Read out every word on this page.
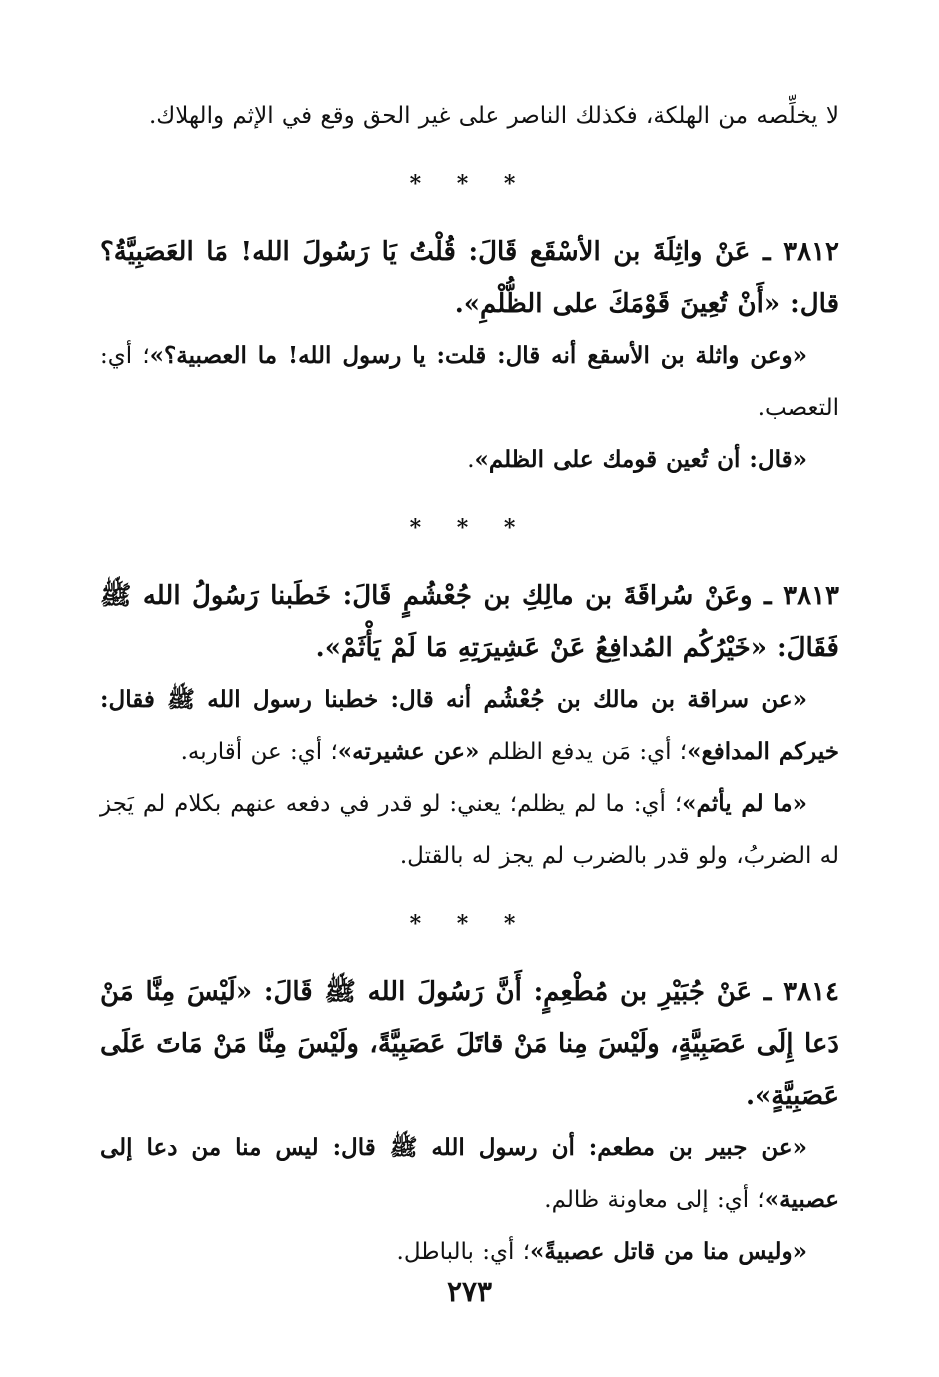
لا يخلِّصه من الهلكة، فكذلك الناصر على غير الحق وقع في الإثم والهلاك.

* * *

٣٨١٢ ـ عَنْ واثِلَةَ بن الأسْقَع قَالَ: قُلْتُ يَا رَسُولَ الله! مَا العَصَبِيَّةُ؟ قال: «أَنْ تُعِينَ قَوْمَكَ على الظُّلْمِ».

«وعن واثلة بن الأسقع أنه قال: قلت: يا رسول الله! ما العصبية؟»؛ أي: التعصب.

«قال: أن تُعين قومك على الظلم».

* * *

٣٨١٣ ـ وعَنْ سُراقَةَ بن مالِكِ بن جُعْشُمٍ قَالَ: خَطَبنا رَسُولُ الله ﷺ فَقَالَ: «خَيْرُكُم المُدافِعُ عَنْ عَشِيرَتِهِ مَا لَمْ يَأْثَمْ».

«عن سراقة بن مالك بن جُعْشُم أنه قال: خطبنا رسول الله ﷺ فقال: خيركم المدافع»؛ أي: مَن يدفع الظلم «عن عشيرته»؛ أي: عن أقاربه.

«ما لم يأثم»؛ أي: ما لم يظلم؛ يعني: لو قدر في دفعه عنهم بكلام لم يَجز له الضربُ، ولو قدر بالضرب لم يجز له بالقتل.

* * *

٣٨١٤ ـ عَنْ جُبَيْرِ بن مُطْعِمٍ: أَنَّ رَسُولَ الله ﷺ قَالَ: «لَيْسَ مِنَّا مَنْ دَعا إِلَى عَصَبِيَّةٍ، ولَيْسَ مِنا مَنْ قاتَلَ عَصَبِيَّةً، ولَيْسَ مِنَّا مَنْ مَاتَ عَلَى عَصَبِيَّةٍ».

«عن جبير بن مطعم: أن رسول الله ﷺ قال: ليس منا من دعا إلى عصبية»؛ أي: إلى معاونة ظالم.

«وليس منا من قاتل عصبيةً»؛ أي: بالباطل.

٢٧٣
